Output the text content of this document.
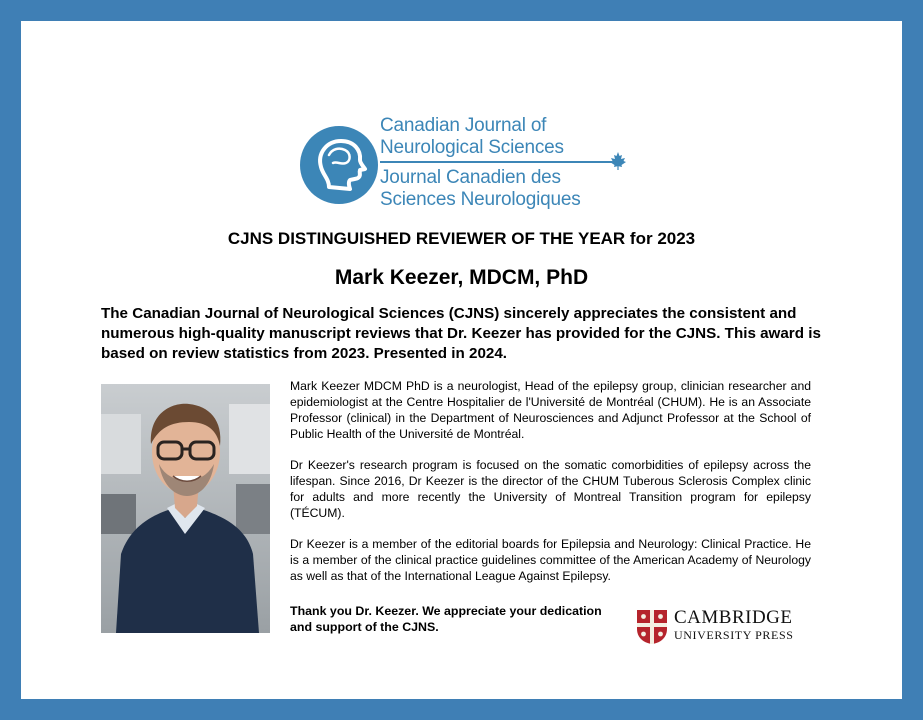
Canadian Journal of
Neurological Sciences
Journal Canadien des
Sciences Neurologiques
CJNS DISTINGUISHED REVIEWER OF THE YEAR for 2023
Mark Keezer, MDCM, PhD
The Canadian Journal of Neurological Sciences (CJNS) sincerely appreciates the consistent and numerous high-quality manuscript reviews that Dr. Keezer has provided for the CJNS. This award is based on review statistics from 2023. Presented in 2024.

Mark Keezer MDCM PhD is a neurologist, Head of the epilepsy group, clinician researcher and epidemiologist at the Centre Hospitalier de l'Université de Montréal (CHUM). He is an Associate Professor (clinical) in the Department of Neurosciences and Adjunct Professor at the School of Public Health of the Université de Montréal.

Dr Keezer's research program is focused on the somatic comorbidities of epilepsy across the lifespan. Since 2016, Dr Keezer is the director of the CHUM Tuberous Sclerosis Complex clinic for adults and more recently the University of Montreal Transition program for epilepsy (TÉCUM).

Dr Keezer is a member of the editorial boards for Epilepsia and Neurology: Clinical Practice. He is a member of the clinical practice guidelines committee of the American Academy of Neurology as well as that of the International League Against Epilepsy.

Thank you Dr. Keezer. We appreciate your dedication and support of the CJNS.	CAMBRIDGE
UNIVERSITY PRESS
